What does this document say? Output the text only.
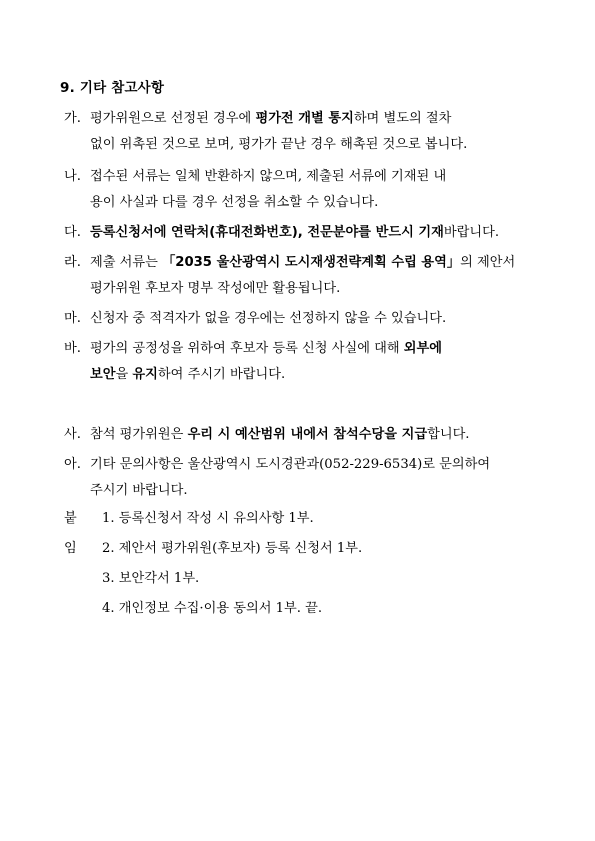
9. 기타 참고사항
가. 평가위원으로 선정된 경우에 평가전 개별 통지하며 별도의 절차
없이 위촉된 것으로 보며, 평가가 끝난 경우 해촉된 것으로 봅니다.
나. 접수된 서류는 일체 반환하지 않으며, 제출된 서류에 기재된 내
용이 사실과 다를 경우 선정을 취소할 수 있습니다.
다. 등록신청서에 연락처(휴대전화번호), 전문분야를 반드시 기재바랍니다.
라. 제출 서류는 「2035 울산광역시 도시재생전략계획 수립 용역」의 제안서
평가위원 후보자 명부 작성에만 활용됩니다.
마. 신청자 중 적격자가 없을 경우에는 선정하지 않을 수 있습니다.
바. 평가의 공정성을 위하여 후보자 등록 신청 사실에 대해 외부에
보안을 유지하여 주시기 바랍니다.
사. 참석 평가위원은 우리 시 예산범위 내에서 참석수당을 지급합니다.
아. 기타 문의사항은 울산광역시 도시경관과(052-229-6534)로 문의하여
주시기 바랍니다.
붙임
1. 등록신청서 작성 시 유의사항 1부.
2. 제안서 평가위원(후보자) 등록 신청서 1부.
3. 보안각서 1부.
4. 개인정보 수집·이용 동의서 1부. 끝.
